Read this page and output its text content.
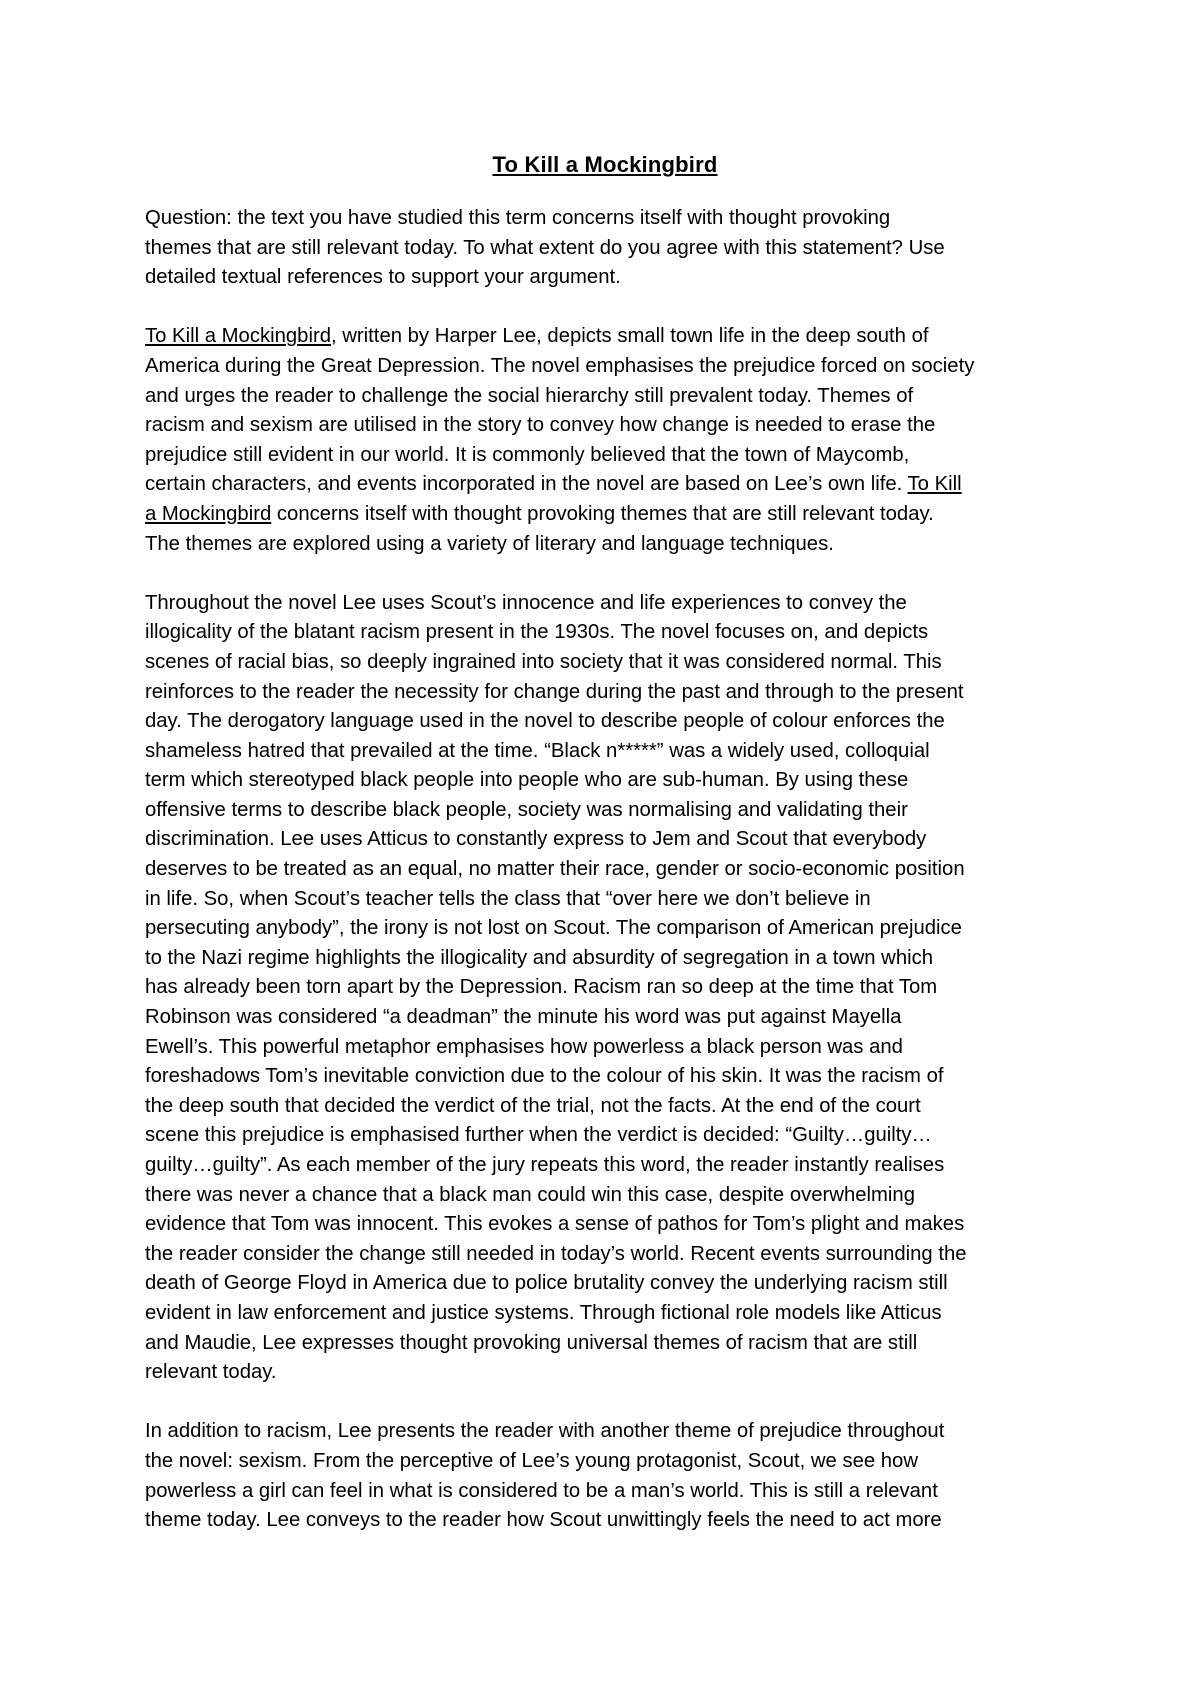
To Kill a Mockingbird
Question: the text you have studied this term concerns itself with thought provoking
themes that are still relevant today. To what extent do you agree with this statement? Use
detailed textual references to support your argument.
To Kill a Mockingbird, written by Harper Lee, depicts small town life in the deep south of
America during the Great Depression. The novel emphasises the prejudice forced on society
and urges the reader to challenge the social hierarchy still prevalent today. Themes of
racism and sexism are utilised in the story to convey how change is needed to erase the
prejudice still evident in our world. It is commonly believed that the town of Maycomb,
certain characters, and events incorporated in the novel are based on Lee’s own life. To Kill
a Mockingbird concerns itself with thought provoking themes that are still relevant today.
The themes are explored using a variety of literary and language techniques.
Throughout the novel Lee uses Scout’s innocence and life experiences to convey the
illogicality of the blatant racism present in the 1930s. The novel focuses on, and depicts
scenes of racial bias, so deeply ingrained into society that it was considered normal. This
reinforces to the reader the necessity for change during the past and through to the present
day. The derogatory language used in the novel to describe people of colour enforces the
shameless hatred that prevailed at the time. “Black n*****” was a widely used, colloquial
term which stereotyped black people into people who are sub-human. By using these
offensive terms to describe black people, society was normalising and validating their
discrimination. Lee uses Atticus to constantly express to Jem and Scout that everybody
deserves to be treated as an equal, no matter their race, gender or socio-economic position
in life. So, when Scout’s teacher tells the class that “over here we don’t believe in
persecuting anybody”, the irony is not lost on Scout. The comparison of American prejudice
to the Nazi regime highlights the illogicality and absurdity of segregation in a town which
has already been torn apart by the Depression. Racism ran so deep at the time that Tom
Robinson was considered “a deadman” the minute his word was put against Mayella
Ewell’s. This powerful metaphor emphasises how powerless a black person was and
foreshadows Tom’s inevitable conviction due to the colour of his skin. It was the racism of
the deep south that decided the verdict of the trial, not the facts. At the end of the court
scene this prejudice is emphasised further when the verdict is decided: “Guilty…guilty…
guilty…guilty”. As each member of the jury repeats this word, the reader instantly realises
there was never a chance that a black man could win this case, despite overwhelming
evidence that Tom was innocent. This evokes a sense of pathos for Tom’s plight and makes
the reader consider the change still needed in today’s world. Recent events surrounding the
death of George Floyd in America due to police brutality convey the underlying racism still
evident in law enforcement and justice systems. Through fictional role models like Atticus
and Maudie, Lee expresses thought provoking universal themes of racism that are still
relevant today.
In addition to racism, Lee presents the reader with another theme of prejudice throughout
the novel: sexism. From the perceptive of Lee’s young protagonist, Scout, we see how
powerless a girl can feel in what is considered to be a man’s world. This is still a relevant
theme today. Lee conveys to the reader how Scout unwittingly feels the need to act more
